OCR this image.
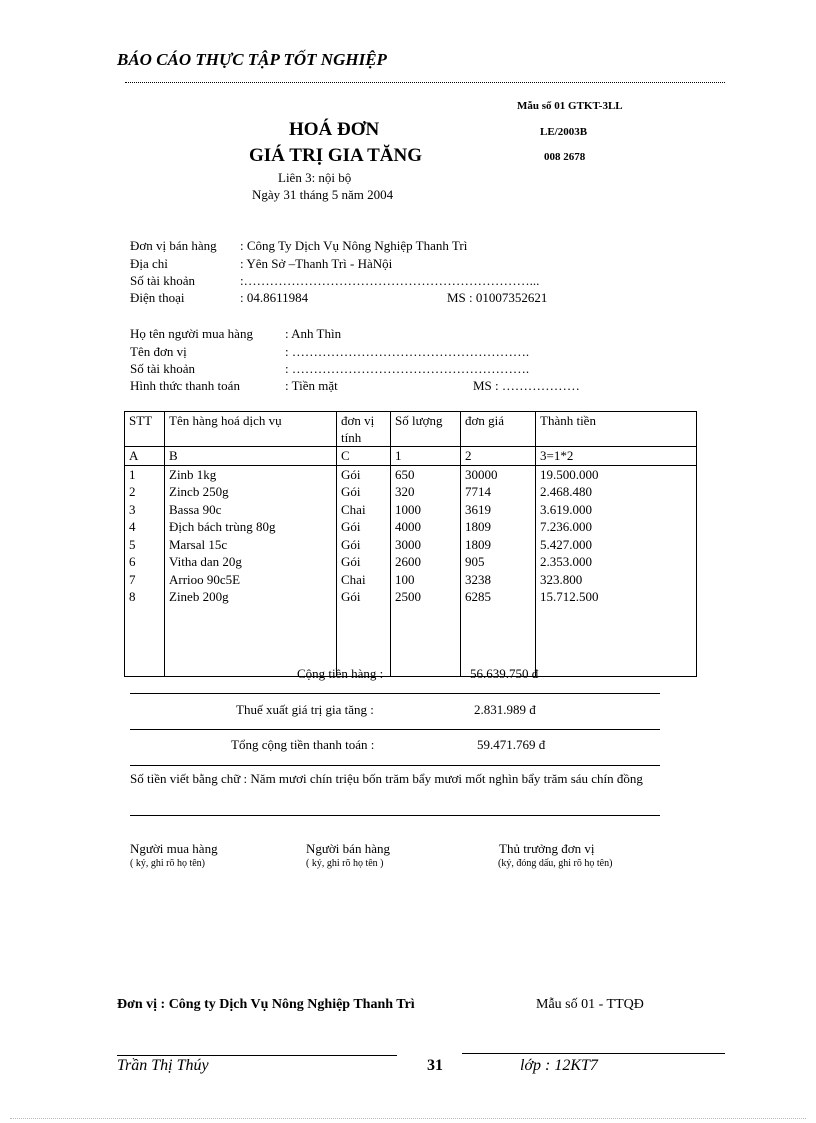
BÁO CÁO THỰC TẬP TỐT NGHIỆP
Mẫu số 01 GTKT-3LL
LE/2003B
008 2678
HOÁ ĐƠN
GIÁ TRỊ GIA TĂNG
Liên 3: nội bộ
Ngày 31 tháng 5 năm 2004
Đơn vị bán hàng : Công Ty Dịch Vụ Nông Nghiệp Thanh Trì
Địa chỉ	: Yên Sở –Thanh Trì - HàNội
Số tài khoản	:…………………………………………………………...
Điện thoại	: 04.8611984	MS : 01007352621
Họ tên người mua hàng : Anh Thìn
Tên đơn vị	: ……………………………………………….
Số tài khoản	: ……………………………………………….
Hình thức thanh toán	: Tiền mặt	MS : ………………
STT	Tên hàng hoá dịch vụ	đơn vị tính	Số lượng	đơn giá	Thành tiền
A	B	C	1	2	3=1*2
1	Zinb 1kg	Gói	650	30000	19.500.000
2	Zincb 250g	Gói	320	7714	2.468.480
3	Bassa 90c	Chai	1000	3619	3.619.000
4	Địch bách trùng 80g	Gói	4000	1809	7.236.000
5	Marsal 15c	Gói	3000	1809	5.427.000
6	Vitha dan 20g	Gói	2600	905	2.353.000
7	Arrioo 90c5E	Chai	100	3238	323.800
8	Zineb 200g	Gói	2500	6285	15.712.500

Cộng tiền hàng :	56.639.750 đ
Thuế xuất giá trị gia tăng :	2.831.989 đ
Tổng cộng tiền thanh toán :	59.471.769 đ
Số tiền viết bằng chữ : Năm mươi chín triệu bốn trăm bẩy mươi mốt nghìn bẩy trăm sáu chín đồng
Người mua hàng
( ký, ghi rõ họ tên)
Người bán hàng
( ký, ghi rõ họ tên )
Thủ trưởng đơn vị
(ký, đóng dấu, ghi rõ họ tên)
Đơn vị : Công ty Dịch Vụ Nông Nghiệp Thanh Trì	Mẫu số 01 - TTQĐ
Trần Thị Thúy	31	lớp : 12KT7
